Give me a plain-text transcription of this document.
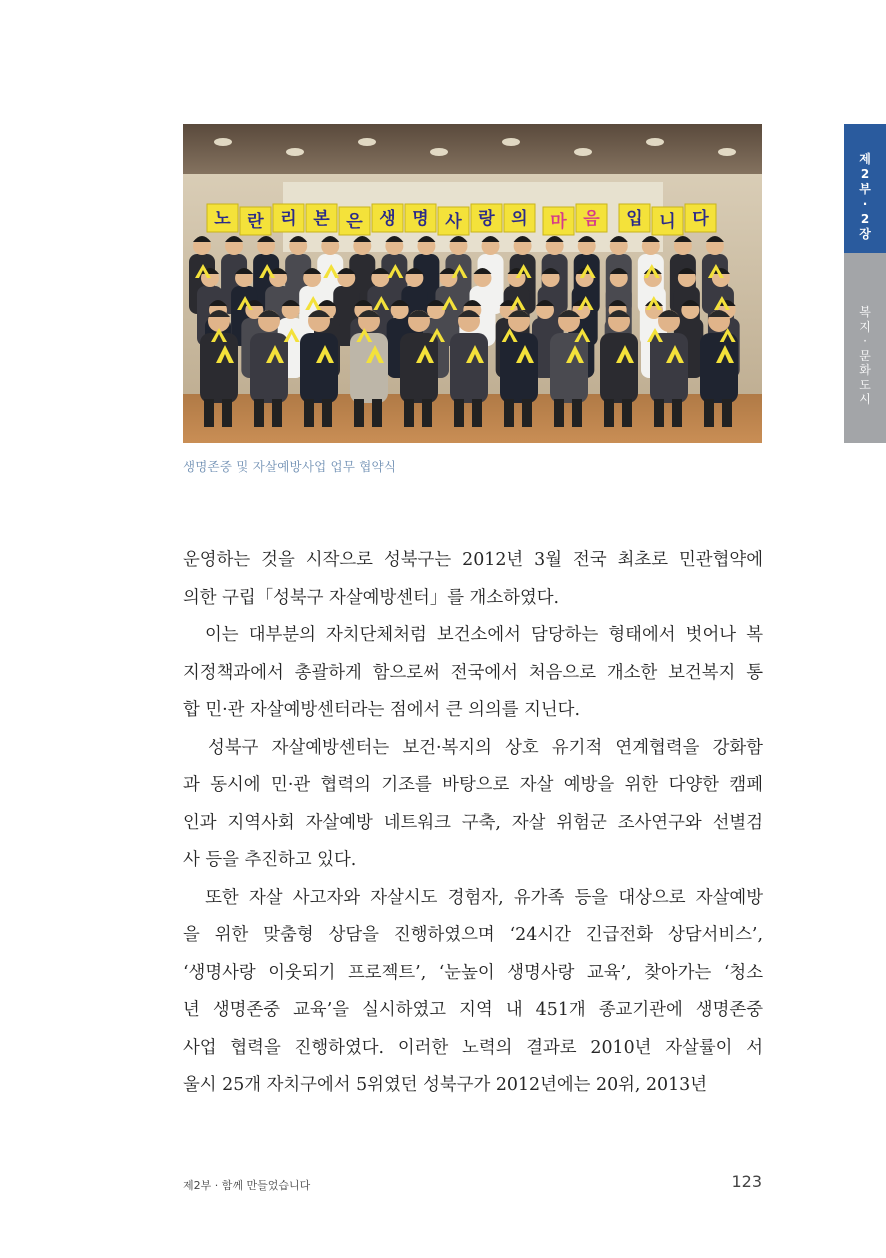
노 란 리 본 은 생 명 사 랑 의 마 음 입 니 다
생명존중 및 자살예방사업 업무 협약식
제
2
부
·
2
장
복
지
·
문
화
도
시
운영하는 것을 시작으로 성북구는 2012년 3월 전국 최초로 민관협약에
의한 구립「성북구 자살예방센터」를 개소하였다.
　이는 대부분의 자치단체처럼 보건소에서 담당하는 형태에서 벗어나 복
지정책과에서 총괄하게 함으로써 전국에서 처음으로 개소한 보건복지 통
합 민·관 자살예방센터라는 점에서 큰 의의를 지닌다.
　성북구 자살예방센터는 보건·복지의 상호 유기적 연계협력을 강화함
과 동시에 민·관 협력의 기조를 바탕으로 자살 예방을 위한 다양한 캠페
인과 지역사회 자살예방 네트워크 구축, 자살 위험군 조사연구와 선별검
사 등을 추진하고 있다.
　또한 자살 사고자와 자살시도 경험자, 유가족 등을 대상으로 자살예방
을 위한 맞춤형 상담을 진행하였으며 ‘24시간 긴급전화 상담서비스’,
‘생명사랑 이웃되기 프로젝트’, ‘눈높이 생명사랑 교육’, 찾아가는 ‘청소
년 생명존중 교육’을 실시하였고 지역 내 451개 종교기관에 생명존중
사업 협력을 진행하였다. 이러한 노력의 결과로 2010년 자살률이 서
울시 25개 자치구에서 5위였던 성북구가 2012년에는 20위, 2013년
제2부 · 함께 만들었습니다	123
